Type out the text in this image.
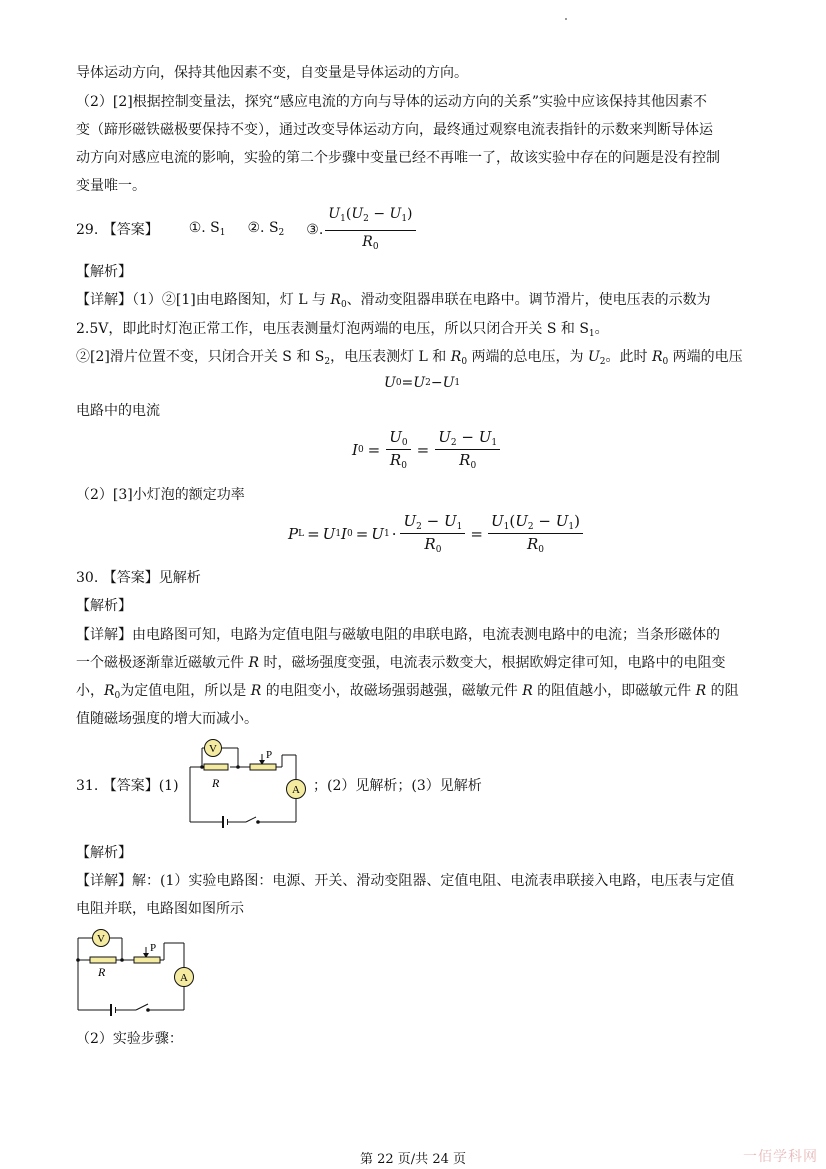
导体运动方向，保持其他因素不变，自变量是导体运动的方向。
（2）[2]根据控制变量法，探究“感应电流的方向与导体的运动方向的关系”实验中应该保持其他因素不
变（蹄形磁铁磁极要保持不变），通过改变导体运动方向，最终通过观察电流表指针的示数来判断导体运
动方向对感应电流的影响，实验的第二个步骤中变量已经不再唯一了，故该实验中存在的问题是没有控制
变量唯一。
29. 【答案】 ①. $S_1$ ②. $S_2$ ③. $\frac{U_1(U_2 - U_1)}{R_0}$
【解析】
【详解】（1）②[1]由电路图知，灯 L 与 $R_0$、滑动变阻器串联在电路中。调节滑片，使电压表的示数为
2.5V，即此时灯泡正常工作，电压表测量灯泡两端的电压，所以只闭合开关 S 和 $S_1$。
②[2]滑片位置不变，只闭合开关 S 和 $S_2$，电压表测灯 L 和 $R_0$ 两端的总电压，为 $U_2$。此时 $R_0$ 两端的电压
U 0 = U 2 − U 1
电路中的电流
I $0 = \frac{U_0}{R_0} = \frac{U_2 - U_1}{R_0}$
（2）[3]小灯泡的额定功率
P L = U 1 I 0 = U $1 \cdot \frac{U_2 - U_1}{R_0} = \frac{U_1(U_2 - U_1)}{R_0}$
30. 【答案】见解析
【解析】
【详解】由电路图可知，电路为定值电阻与磁敏电阻的串联电路，电流表测电路中的电流；当条形磁体的
一个磁极逐渐靠近磁敏元件 R 时，磁场强度变强，电流表示数变大，根据欧姆定律可知，电路中的电阻变
小，$R_0$为定值电阻，所以是 R 的电阻变小，故磁场强弱越强，磁敏元件 R 的阻值越小，即磁敏元件 R 的阻
值随磁场强度的增大而减小。
31. 【答案】(1)
V
A
P
R	；(2）见解析；(3）见解析
【解析】
【详解】解：(1）实验电路图：电源、开关、滑动变阻器、定值电阻、电流表串联接入电路，电压表与定值
电阻并联，电路图如图所示
V
A
P
R
（2）实验步骤：
第 22 页/共 24 页	一佰学科网
